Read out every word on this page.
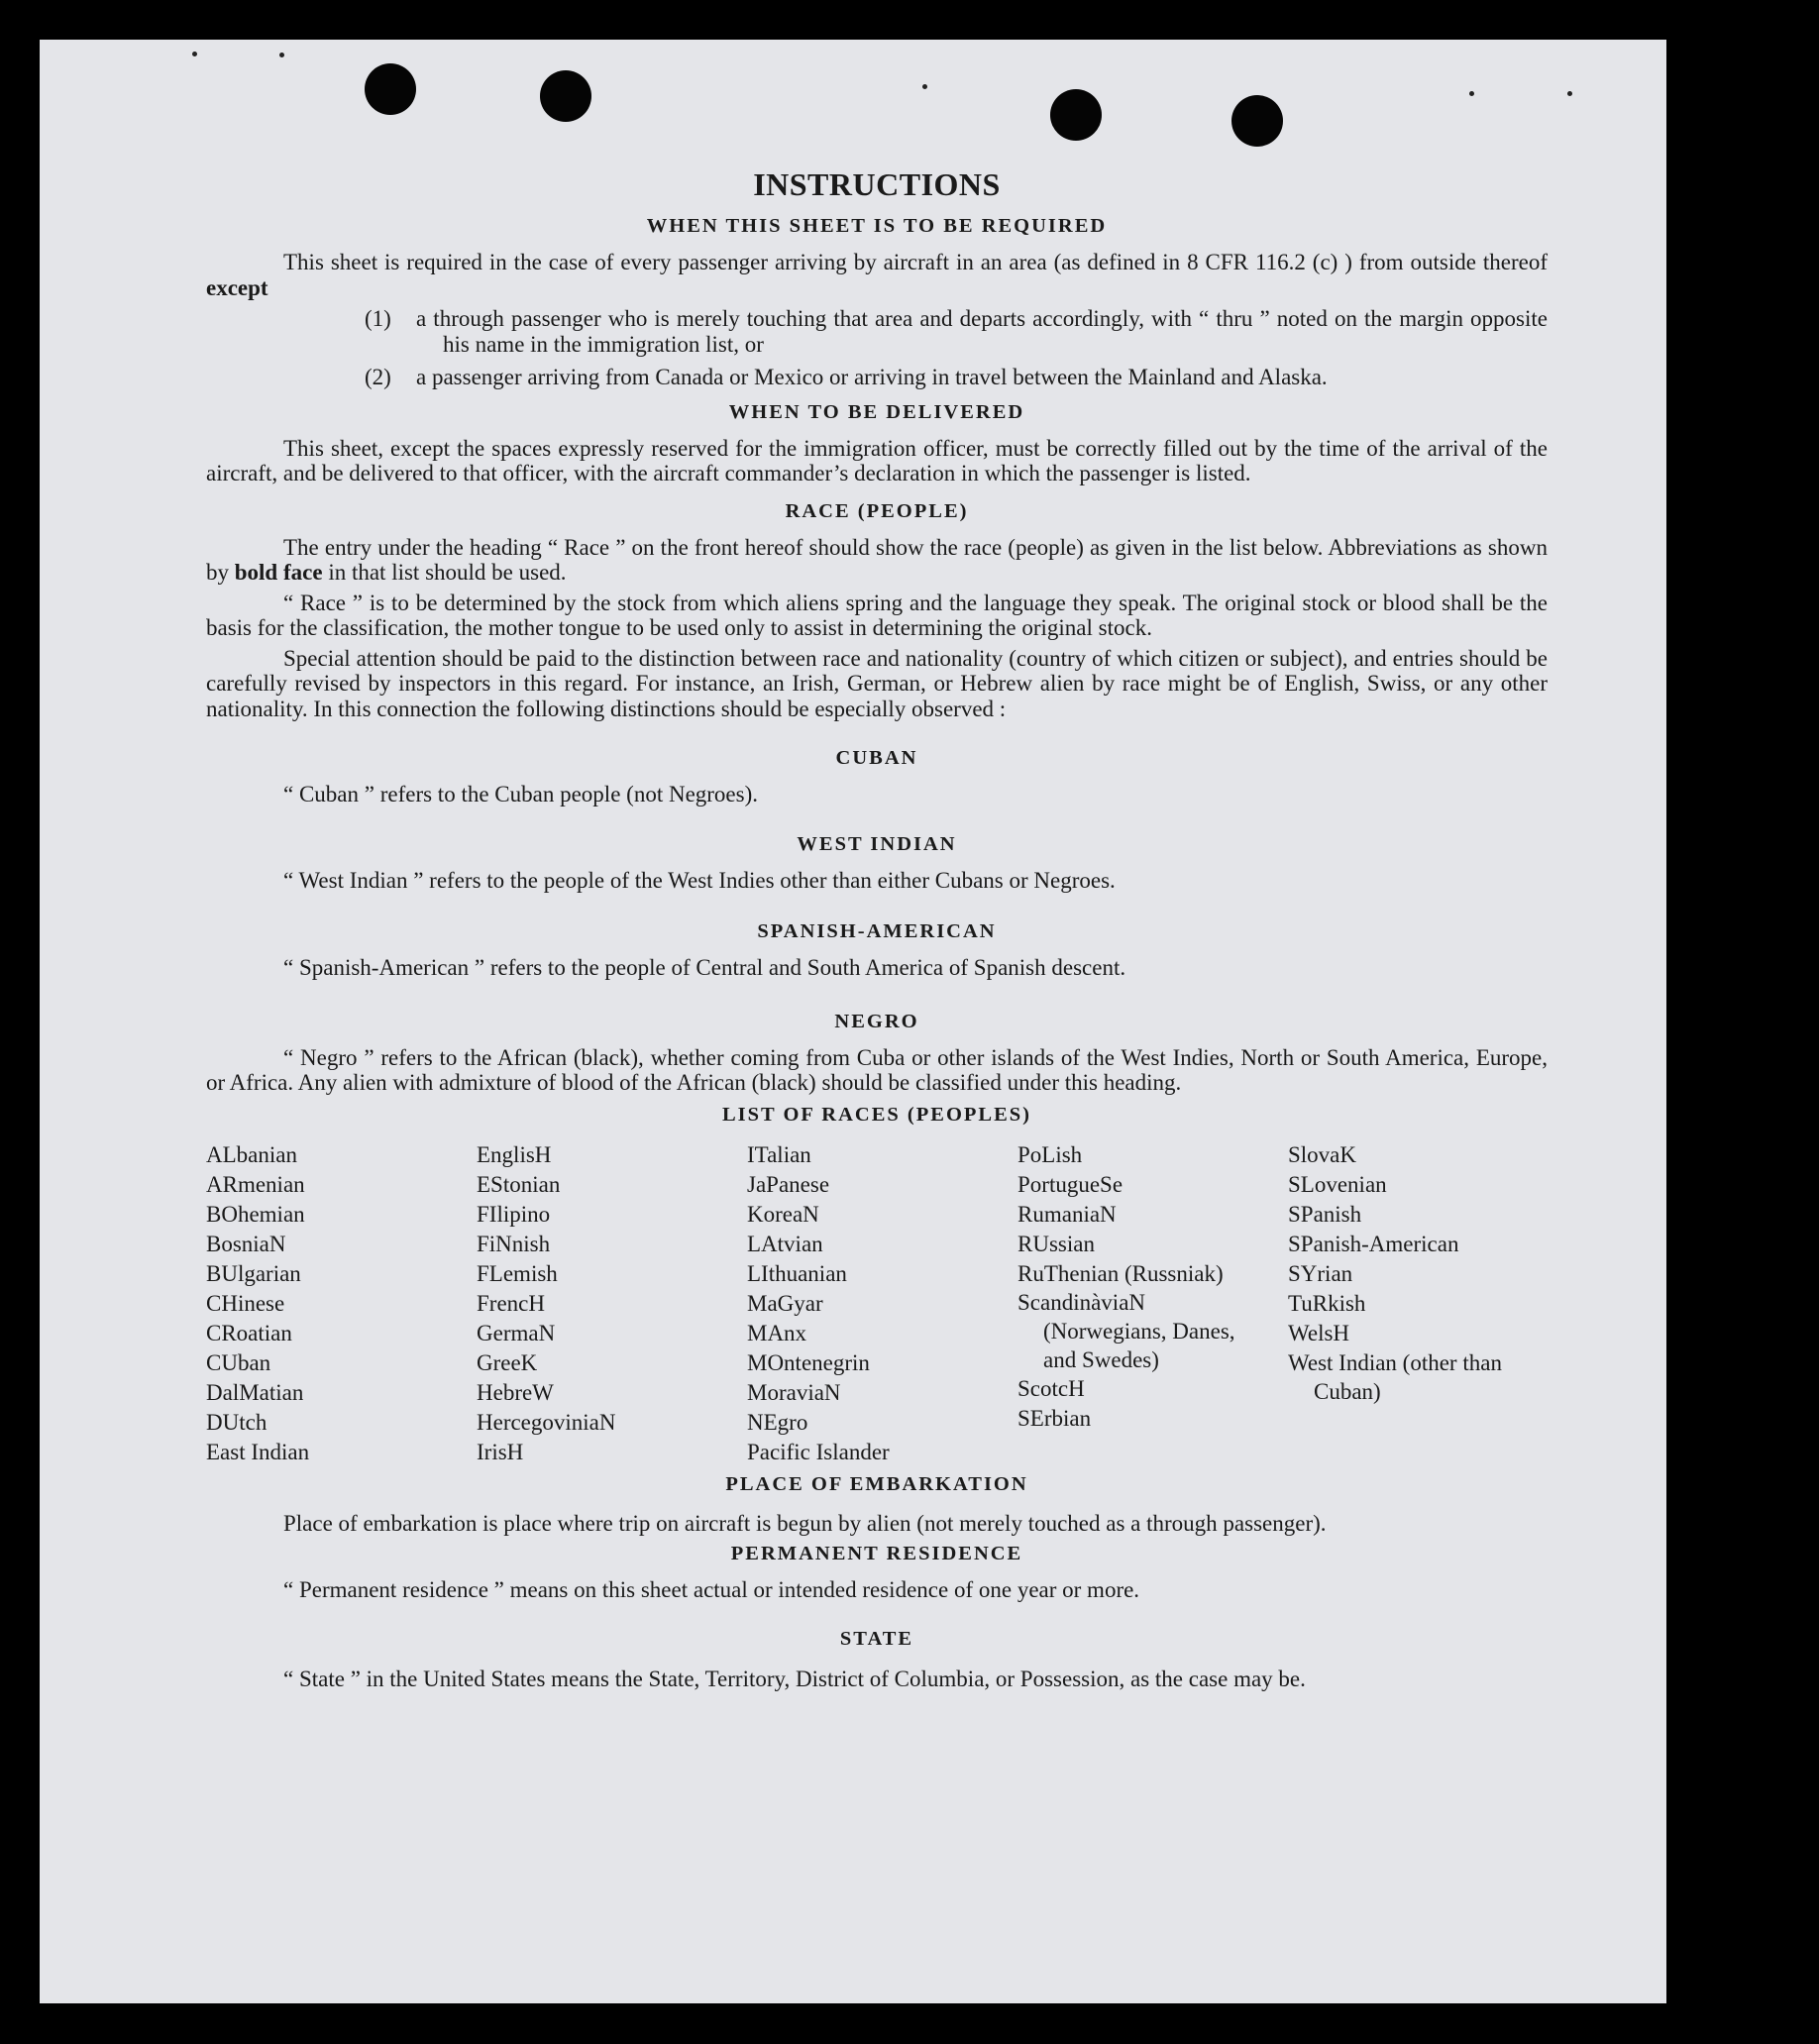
INSTRUCTIONS
WHEN THIS SHEET IS TO BE REQUIRED

This sheet is required in the case of every passenger arriving by aircraft in an area (as defined in 8 CFR 116.2 (c) ) from outside thereof except

(1)	a through passenger who is merely touching that area and departs accordingly, with “ thru ” noted on the margin opposite his name in the immigration list, or
(2)	a passenger arriving from Canada or Mexico or arriving in travel between the Mainland and Alaska.
WHEN TO BE DELIVERED

This sheet, except the spaces expressly reserved for the immigration officer, must be correctly filled out by the time of the arrival of the aircraft, and be delivered to that officer, with the aircraft commander’s declaration in which the passenger is listed.

RACE (PEOPLE)

The entry under the heading “ Race ” on the front hereof should show the race (people) as given in the list below. Abbreviations as shown by bold face in that list should be used.

“ Race ” is to be determined by the stock from which aliens spring and the language they speak. The original stock or blood shall be the basis for the classification, the mother tongue to be used only to assist in determining the original stock.

Special attention should be paid to the distinction between race and nationality (country of which citizen or subject), and entries should be carefully revised by inspectors in this regard. For instance, an Irish, German, or Hebrew alien by race might be of English, Swiss, or any other nationality. In this connection the following distinctions should be especially observed :

CUBAN

“ Cuban ” refers to the Cuban people (not Negroes).

WEST INDIAN

“ West Indian ” refers to the people of the West Indies other than either Cubans or Negroes.

SPANISH-AMERICAN

“ Spanish-American ” refers to the people of Central and South America of Spanish descent.

NEGRO

“ Negro ” refers to the African (black), whether coming from Cuba or other islands of the West Indies, North or South America, Europe, or Africa. Any alien with admixture of blood of the African (black) should be classified under this heading.

LIST OF RACES (PEOPLES)
ALbanian
ARmenian
BOhemian
BosniaN
BUlgarian
CHinese
CRoatian
CUban
DalMatian
DUtch
East Indian
EnglisH
EStonian
FIlipino
FiNnish
FLemish
FrencH
GermaN
GreeK
HebreW
HercegoviniaN
IrisH
ITalian
JaPanese
KoreaN
LAtvian
LIthuanian
MaGyar
MAnx
MOntenegrin
MoraviaN
NEgro
Pacific Islander
PoLish
PortugueSe
RumaniaN
RUssian
RuThenian (Russniak)
ScandinàviaN (Norwegians, Danes, and Swedes)
ScotcH
SErbian
SlovaK
SLovenian
SPanish
SPanish-American
SYrian
TuRkish
WelsH
West Indian (other than Cuban)
PLACE OF EMBARKATION

Place of embarkation is place where trip on aircraft is begun by alien (not merely touched as a through passenger).

PERMANENT RESIDENCE

“ Permanent residence ” means on this sheet actual or intended residence of one year or more.

STATE

“ State ” in the United States means the State, Territory, District of Columbia, or Possession, as the case may be.
